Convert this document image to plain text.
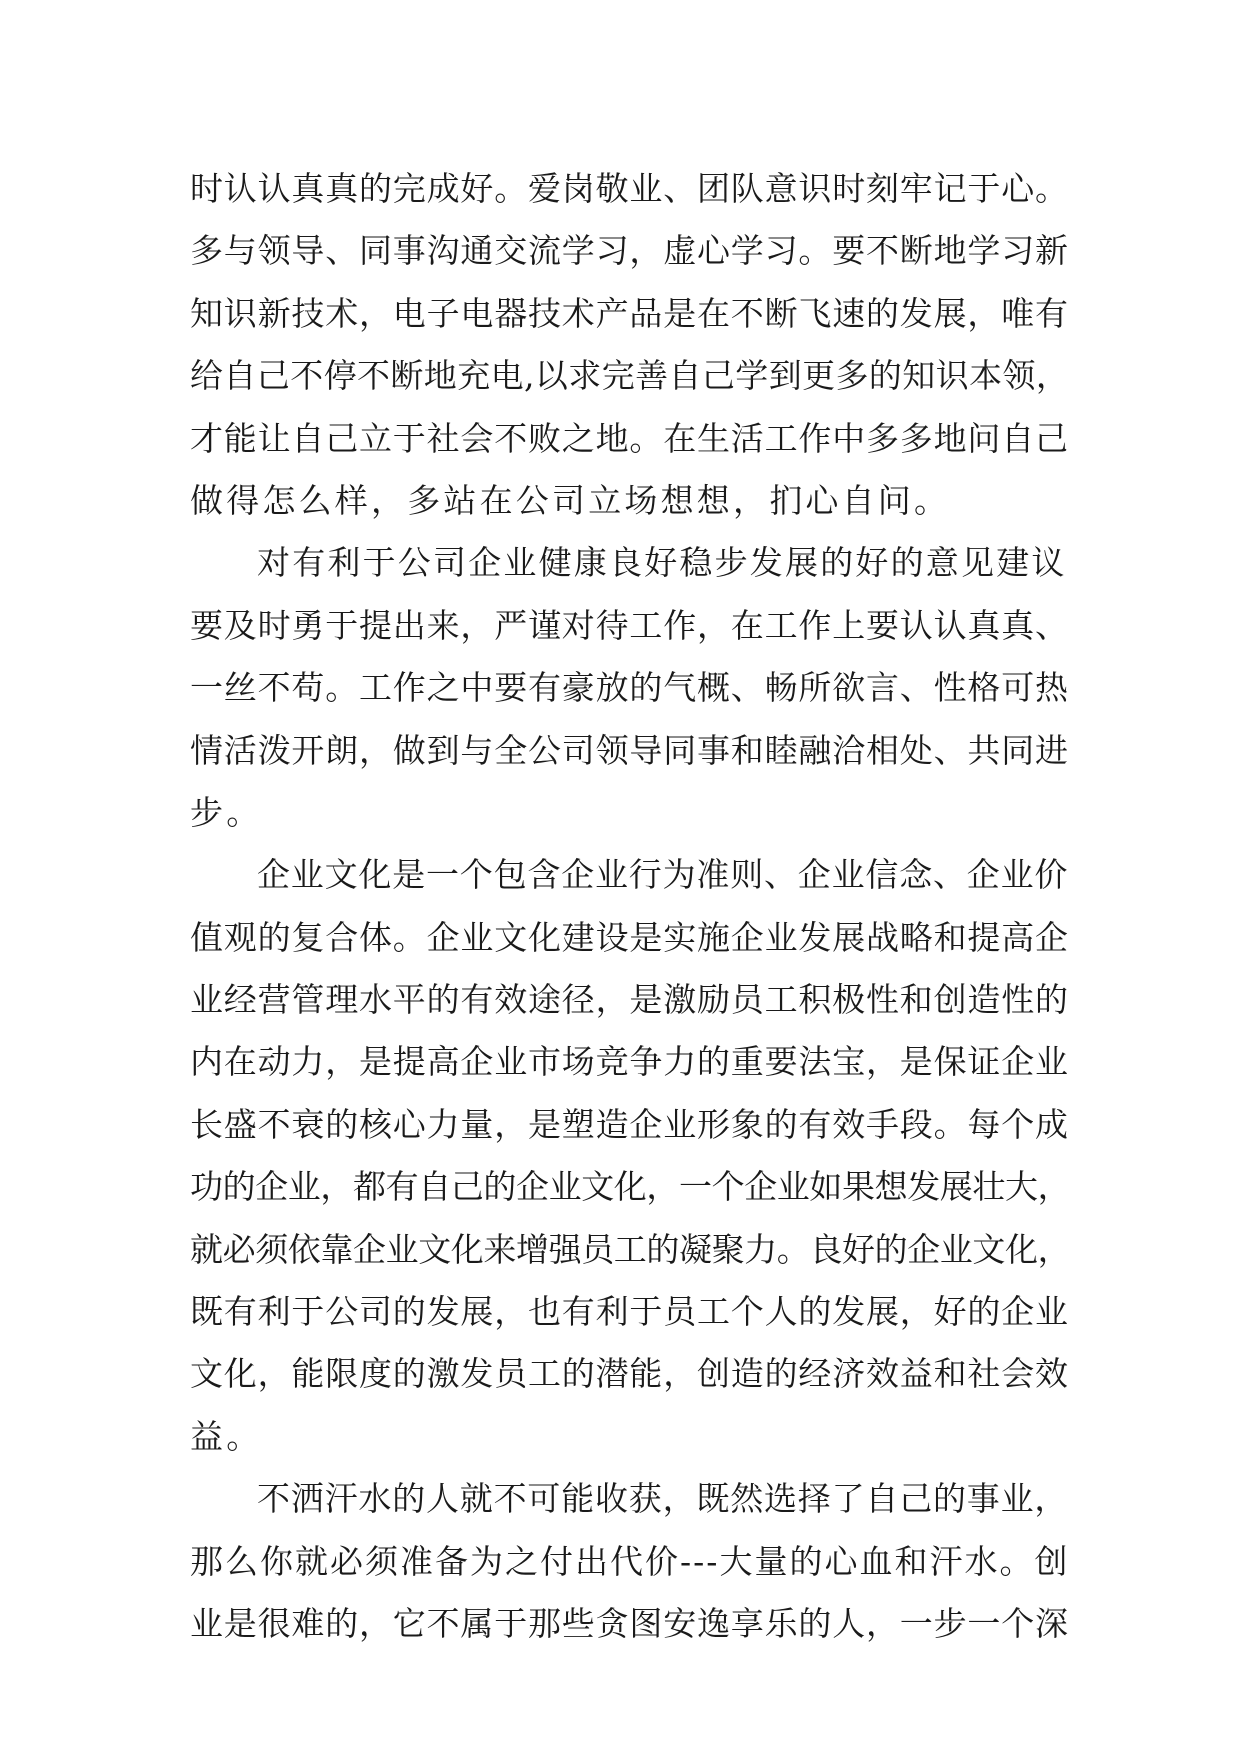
时认认真真的完成好。爱岗敬业、团队意识时刻牢记于心。
多与领导、同事沟通交流学习，虚心学习。要不断地学习新
知识新技术，电子电器技术产品是在不断飞速的发展，唯有
给自己不停不断地充电,以求完善自己学到更多的知识本领，
才能让自己立于社会不败之地。在生活工作中多多地问自己
做得怎么样，多站在公司立场想想，扪心自问。
对有利于公司企业健康良好稳步发展的好的意见建议
要及时勇于提出来，严谨对待工作，在工作上要认认真真、
一丝不苟。工作之中要有豪放的气概、畅所欲言、性格可热
情活泼开朗，做到与全公司领导同事和睦融洽相处、共同进
步。
企业文化是一个包含企业行为准则、企业信念、企业价
值观的复合体。企业文化建设是实施企业发展战略和提高企
业经营管理水平的有效途径，是激励员工积极性和创造性的
内在动力，是提高企业市场竞争力的重要法宝，是保证企业
长盛不衰的核心力量，是塑造企业形象的有效手段。每个成
功的企业，都有自己的企业文化，一个企业如果想发展壮大，
就必须依靠企业文化来增强员工的凝聚力。良好的企业文化，
既有利于公司的发展，也有利于员工个人的发展，好的企业
文化，能限度的激发员工的潜能，创造的经济效益和社会效
益。
不洒汗水的人就不可能收获，既然选择了自己的事业，
那么你就必须准备为之付出代价---大量的心血和汗水。创
业是很难的，它不属于那些贪图安逸享乐的人，一步一个深
